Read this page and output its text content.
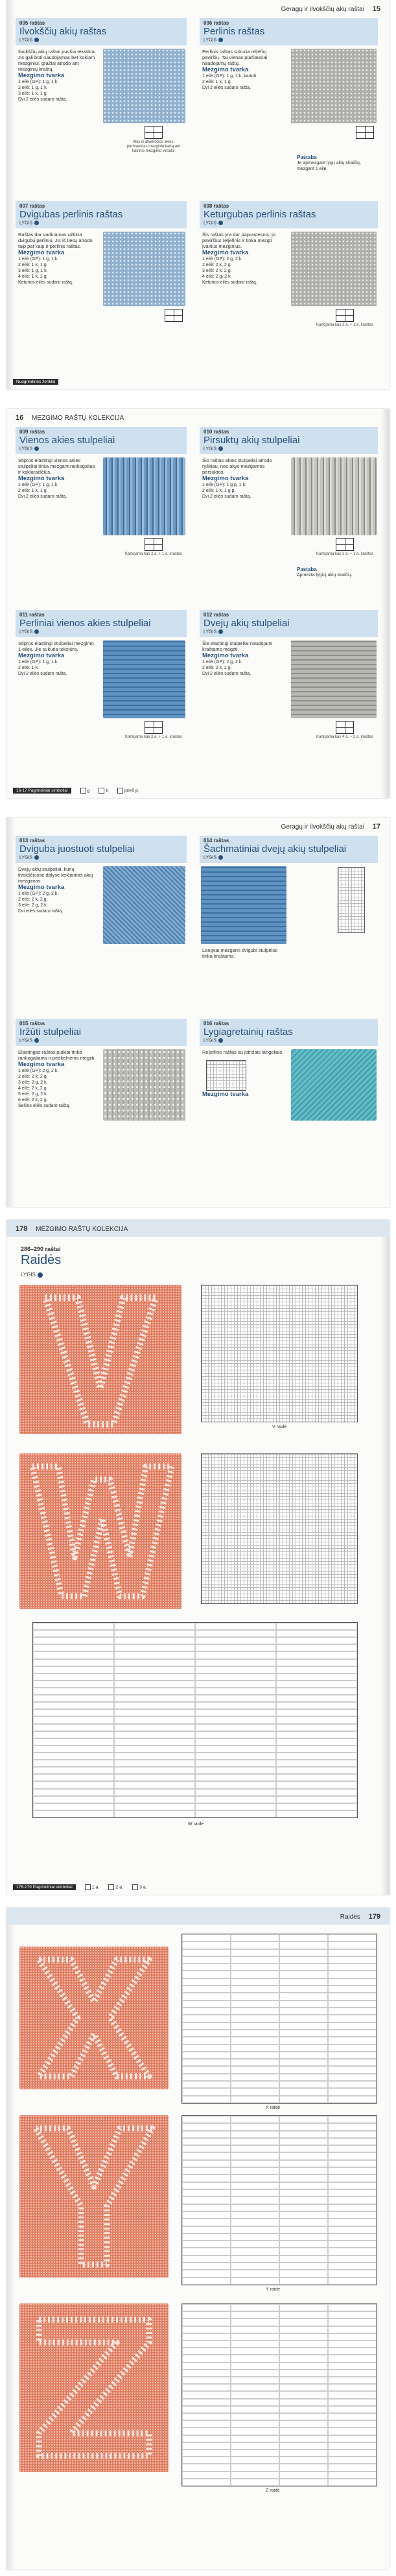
Geragų ir ilvokščių akų raštai 15
005 raštas
Ilvokščių akių raštas
LYGIS
Ilvokščių akių raštai puošia tekstūra. Jis gali būti naudojamas bet kokiam mezginiui, gražiai atrodo ant mezginių kraštų.
Akis iš atvirkščios akies, perbrauktas mezginio kartą ant kairinio mezgimo virbalo.
Mezgimo tvarka
1 eilė (GP): 1 g, 1 k.
2 eilė: 1 g, 1 k.
3 eilė: 1 k, 1 g.
Dvi 2 eilės sudaro raštą.
006 raštas
Perlinis raštas
LYGIS
Perlinis raštas sukuria reljefinį paviršių. Tai vienas plačiausiai naudojamų raštų.
Mezgimo tvarka
1 eilė (GP): 1 g, 1 k, kartoti.
2 eilė: 1 k, 1 g.
Dvi 2 eilės sudaro raštą.
Pastaba
Je apmezgant lygų akių skaičių, mezgant 1 eilę.
007 raštas
Dvigubas perlinis raštas
LYGIS
Raštas dar vadinamas užtikta dvigubu perliniu. Jis iš tiesų atrodo taip pat kaip ir perlinis raštas.
Mezgimo tvarka
1 eilė (GP): 1 g, 1 k.
2 eilė: 1 k, 1 g.
3 eilė: 1 g, 1 k.
4 eilė: 1 k, 1 g.
Keturios eilės sudaro raštą.
008 raštas
Keturgubas perlinis raštas
LYGIS
Šis raštas yra dar paprastesnis, jo paviršius reljefinis ir tinka mezgti įvairius mezginius.
Kartojama kas 2 a. + 1 a. kraštas
Mezgimo tvarka
1 eilė (GP): 2 g, 2 k.
2 eilė: 2 k, 2 g.
3 eilė: 2 k, 2 g.
4 eilė: 2 g, 2 k.
Keturios eilės sudaro raštą.
Nuogrindinės ženklai
16 MEZGIMO RAŠTŲ KOLEKCIJA
009 raštas
Vienos akies stulpeliai
LYGIS
Stiprūs elastingi vienos akies stulpeliai tinka mezgant rankogalius ir kaklaraiščius.
Kartojama kas 2 a. + 1 a. kraštas
Mezgimo tvarka
1 eilė (GP): 1 g, 1 k.
2 eilė: 1 k, 1 g.
Dvi 2 eilės sudaro raštą.
010 raštas
Pirsuktų akių stulpeliai
LYGIS
Šio raštas akies stulpeliai atrodo ryškiau, nes akys mezgamos persuktos.
Kartojama kas 2 a. + 1 a. kraštas
Mezgimo tvarka
1 eilė (GP): 1 g p, 1 k.
2 eilė: 1 k, 1 g p.
Dvi 2 eilės sudaro raštą.
Pastaba
Apmezta lyginį akių skaičių.
011 raštas
Perliniai vienos akies stulpeliai
LYGIS
Stiprūs elastingi stulpeliai mezgimo 1 eilės. Jie sukuria tekstūrą.
Kartojama kas 2 a. + 1 a. kraštas
Mezgimo tvarka
1 eilė (GP): 1 g, 1 k.
2 eilė: 1 k.
Dvi 2 eilės sudaro raštą.
012 raštas
Dvejų akių stulpeliai
LYGIS
Šie elastingi stulpeliai naudojami kraštams megzti.
Kartojama kas 4 a. + 2 a. kraštas
Mezgimo tvarka
1 eilė (GP): 2 g, 2 k.
2 eilė: 2 k, 2 g.
Dvi 2 eilės sudaro raštą.
16-17 Pagrindiniai simboliai	g	k	prieš p.
Geragų ir ilvokščių akų raštai 17
013 raštas
Dviguba juostuoti stulpeliai
LYGIS
Dvejų akių stulpeliai, kurių ilvokščiuose dalyse keičiamas akių mezgimas.
Mezgimo tvarka
1 eilė (GP): 2 g, 2 k.
2 eilė: 2 k, 2 g.
3 eilė: 2 g, 2 k.
Dvi eilės sudaro raštą.
014 raštas
Šachmatiniai dvejų akių stulpeliai
LYGIS
Lengvai mezgami dvigubi stulpeliai tinka kraštams.
015 raštas
Iržūti stulpeliai
LYGIS
Elastingas raštas puikiai tinka rankogaliams ir pėdkelnėms megzti.
Mezgimo tvarka
1 eilė (GP): 2 g, 2 k.
2 eilė: 2 k, 2 g.
3 eilė: 2 g, 2 k.
4 eilė: 2 k, 2 g.
5 eilė: 2 g, 2 k.
6 eilė: 2 k, 2 g.
Šešios eilės sudaro raštą.
016 raštas
Lygiagretainių raštas
LYGIS
Reljefinis raštas su įstrižais langeliais.
Mezgimo tvarka
178 MEZGIMO RAŠTŲ KOLEKCIJA
286–290 raštai
Raidės
LYGIS
V raidė
W raidė
176-179 Pagrindiniai simboliai	1 a.	2 a.	3 a.
Raidės 179
X raidė
Y raidė
Z raidė
